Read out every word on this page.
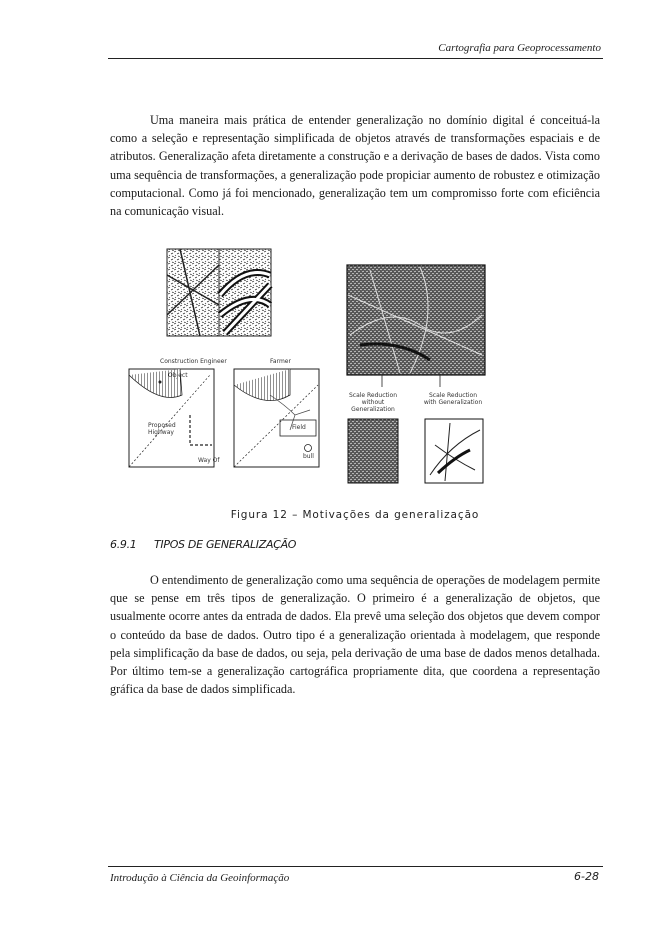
Cartografia para Geoprocessamento

Uma maneira mais prática de entender generalização no domínio digital é conceituá-la como a seleção e representação simplificada de objetos através de transformações espaciais e de atributos. Generalização afeta diretamente a construção e a derivação de bases de dados. Vista como uma sequência de transformações, a generalização pode propiciar aumento de robustez e otimização computacional. Como já foi mencionado, generalização tem um compromisso forte com eficiência na comunicação visual.

Construction Engineer	Farmer
Object
Proposed Highway
Way Of
Field
bull
Scale Reduction without Generalization
Scale Reduction with Generalization
Figura 12 – Motivações da generalização
6.9.1 TIPOS DE GENERALIZAÇÃO

O entendimento de generalização como uma sequência de operações de modelagem permite que se pense em três tipos de generalização. O primeiro é a generalização de objetos, que usualmente ocorre antes da entrada de dados. Ela prevê uma seleção dos objetos que devem compor o conteúdo da base de dados. Outro tipo é a generalização orientada à modelagem, que responde pela simplificação da base de dados, ou seja, pela derivação de uma base de dados menos detalhada. Por último tem-se a generalização cartográfica propriamente dita, que coordena a representação gráfica da base de dados simplificada.

Introdução à Ciência da Geoinformação	6-28
